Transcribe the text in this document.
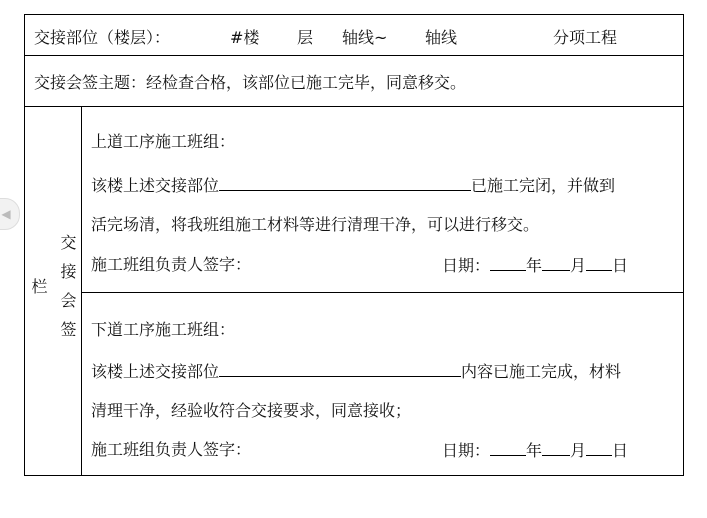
◀
交接部位（楼层）：	#楼 层 轴线~ 轴线	分项工程
交接会签主题：经检查合格，该部位已施工完毕，同意移交。
交接会签栏
上道工序施工班组：
该楼上述交接部位	已施工完闭，并做到
活完场清，将我班组施工材料等进行清理干净，可以进行移交。
施工班组负责人签字：	日期： 年 月 日
下道工序施工班组：
该楼上述交接部位	内容已施工完成，材料
清理干净，经验收符合交接要求，同意接收；
施工班组负责人签字：	日期： 年 月 日
